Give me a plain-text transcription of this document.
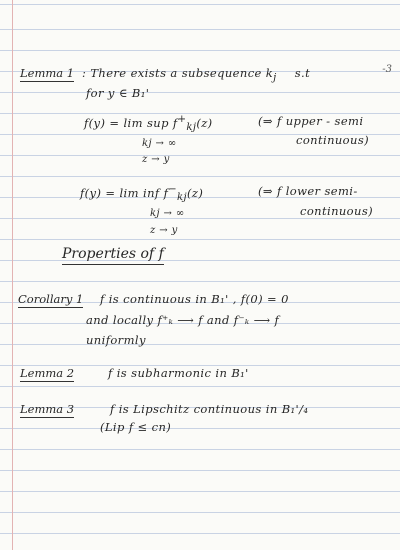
-3
Lemma 1 : There exists a subsequence $k_j$ s.t
for y ∈ B₁'
f(y) = lim sup $f^+_{kj}(z)$	(⇒ f upper - semi
continuous)
kj → ∞
z → y
f(y) = lim inf $f^-_{kj}(z)$	(⇒ f lower semi-
continuous)
kj → ∞
z → y
Properties of f
Corollary 1 f is continuous in B₁' , f(0) = 0
and locally f⁺ₖ ⟶ f and f⁻ₖ ⟶ f
uniformly
Lemma 2	f is subharmonic in B₁'
Lemma 3	f is Lipschitz continuous in B₁'/₄
(Lip f ≤ cn)
